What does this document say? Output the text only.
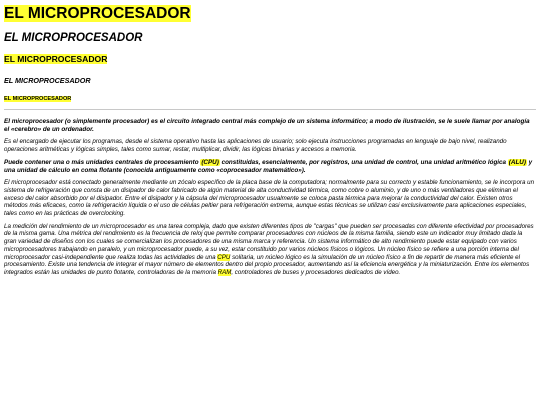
EL MICROPROCESADOR
EL MICROPROCESADOR
EL MICROPROCESADOR
EL MICROPROCESADOR
EL MICROPROCESADOR

El microprocesador (o simplemente procesador) es el circuito integrado central más complejo de un sistema informático; a modo de ilustración, se le suele llamar por analogía el «cerebro» de un ordenador.

Es el encargado de ejecutar los programas, desde el sistema operativo hasta las aplicaciones de usuario; solo ejecuta instrucciones programadas en lenguaje de bajo nivel, realizando operaciones aritméticas y lógicas simples, tales como sumar, restar, multiplicar, dividir, las lógicas binarias y accesos a memoria.

Puede contener una o más unidades centrales de procesamiento (CPU) constituidas, esencialmente, por registros, una unidad de control, una unidad aritmético lógica (ALU) y una unidad de cálculo en coma flotante (conocida antiguamente como «coprocesador matemático»).

El microprocesador está conectado generalmente mediante un zócalo específico de la placa base de la computadora; normalmente para su correcto y estable funcionamiento, se le incorpora un sistema de refrigeración que consta de un disipador de calor fabricado de algún material de alta conductividad térmica, como cobre o aluminio, y de uno o más ventiladores que eliminan el exceso del calor absorbido por el disipador. Entre el disipador y la cápsula del microprocesador usualmente se coloca pasta térmica para mejorar la conductividad del calor. Existen otros métodos más eficaces, como la refrigeración líquida o el uso de células peltier para refrigeración extrema, aunque estas técnicas se utilizan casi exclusivamente para aplicaciones especiales, tales como en las prácticas de overclocking.

La medición del rendimiento de un microprocesador es una tarea compleja, dado que existen diferentes tipos de "cargas" que pueden ser procesadas con diferente efectividad por procesadores de la misma gama. Una métrica del rendimiento es la frecuencia de reloj que permite comparar procesadores con núcleos de la misma familia, siendo este un indicador muy limitado dada la gran variedad de diseños con los cuales se comercializan los procesadores de una misma marca y referencia. Un sistema informático de alto rendimiento puede estar equipado con varios microprocesadores trabajando en paralelo, y un microprocesador puede, a su vez, estar constituido por varios núcleos físicos o lógicos. Un núcleo físico se refiere a una porción interna del microprocesador casi-independiente que realiza todas las actividades de una CPU solitaria, un núcleo lógico es la simulación de un núcleo físico a fin de repartir de manera más eficiente el procesamiento. Existe una tendencia de integrar el mayor número de elementos dentro del propio procesador, aumentando así la eficiencia energética y la miniaturización. Entre los elementos integrados están las unidades de punto flotante, controladoras de la memoria RAM, controladores de buses y procesadores dedicados de vídeo.
